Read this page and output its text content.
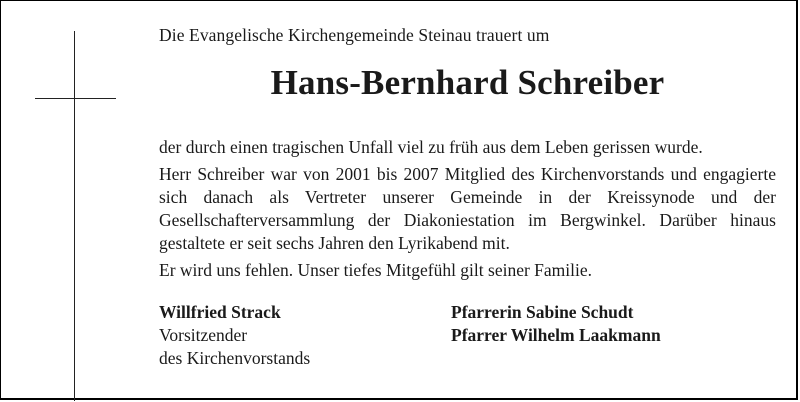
Die Evangelische Kirchengemeinde Steinau trauert um
Hans-Bernhard Schreiber

der durch einen tragischen Unfall viel zu früh aus dem Leben gerissen wurde.

Herr Schreiber war von 2001 bis 2007 Mitglied des Kirchenvorstands und engagierte sich danach als Vertreter unserer Gemeinde in der Kreissynode und der Gesellschafterversammlung der Diakoniestation im Bergwinkel. Darüber hinaus gestaltete er seit sechs Jahren den Lyrikabend mit.

Er wird uns fehlen. Unser tiefes Mitgefühl gilt seiner Familie.

Willfried Strack
Vorsitzender
des Kirchenvorstands
Pfarrerin Sabine Schudt
Pfarrer Wilhelm Laakmann
